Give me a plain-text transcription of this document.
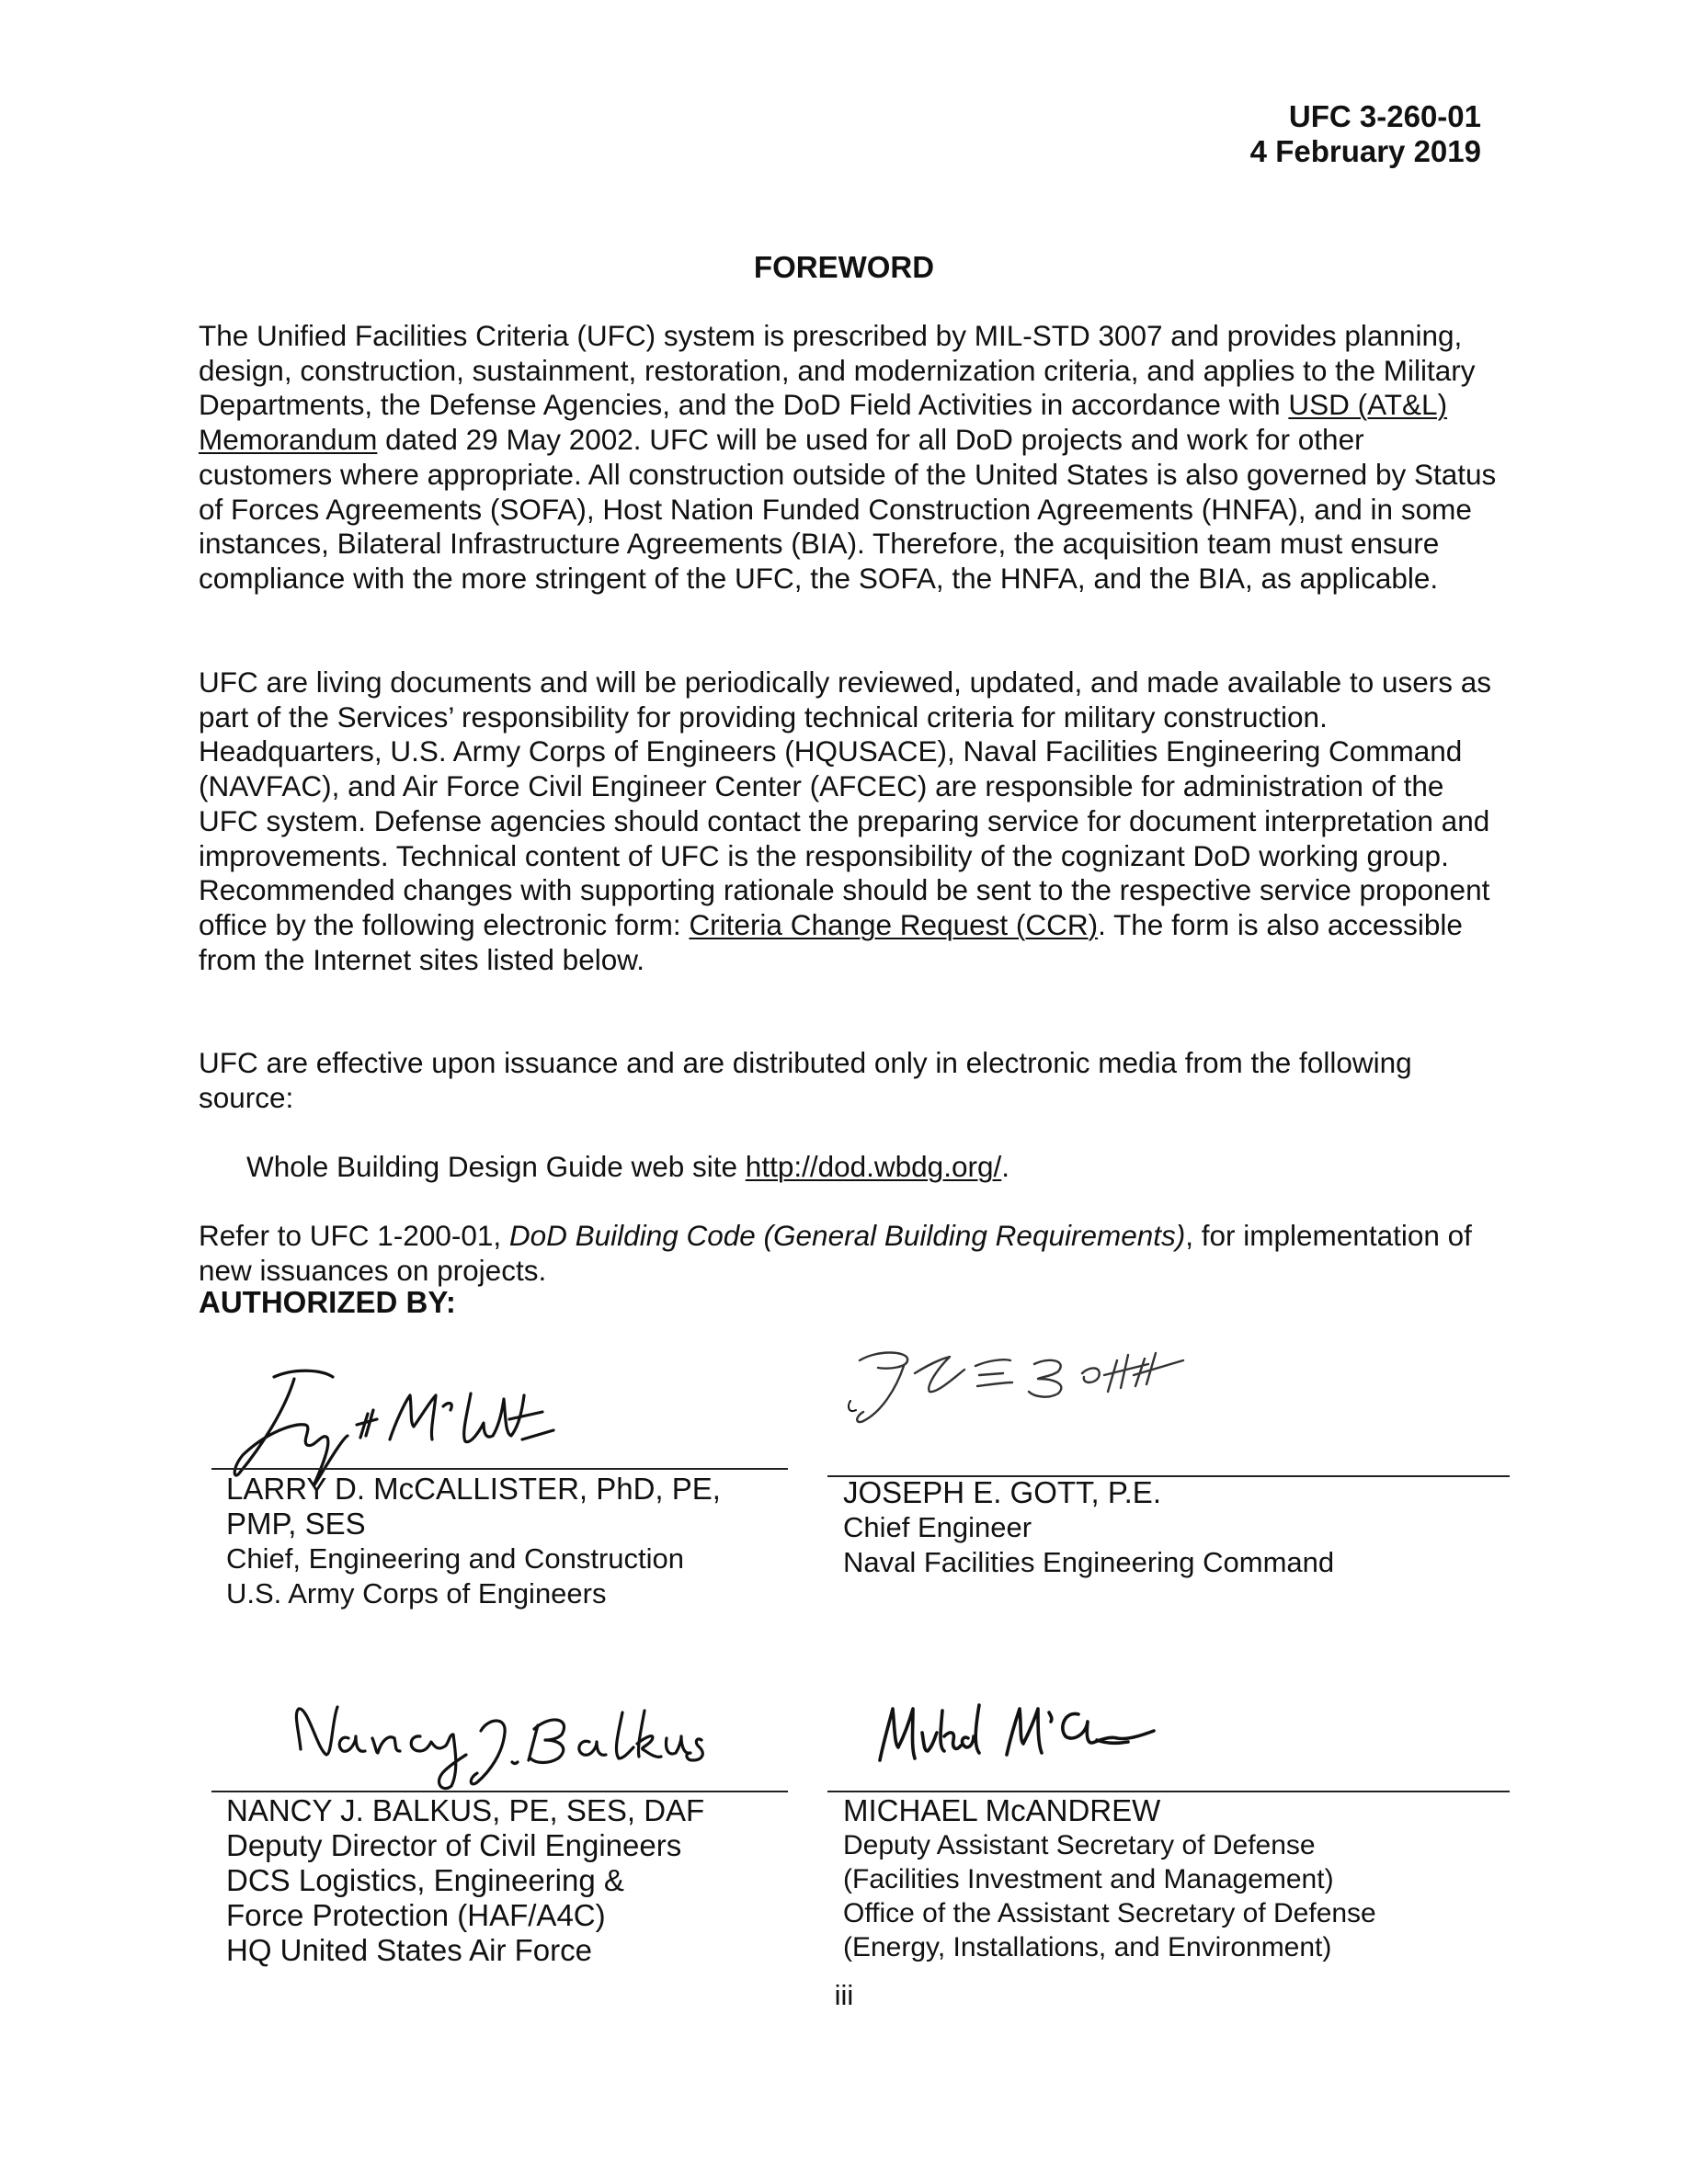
UFC 3-260-01
4 February 2019
FOREWORD

The Unified Facilities Criteria (UFC) system is prescribed by MIL-STD 3007 and provides planning, design, construction, sustainment, restoration, and modernization criteria, and applies to the Military Departments, the Defense Agencies, and the DoD Field Activities in accordance with USD (AT&L) Memorandum dated 29 May 2002. UFC will be used for all DoD projects and work for other customers where appropriate. All construction outside of the United States is also governed by Status of Forces Agreements (SOFA), Host Nation Funded Construction Agreements (HNFA), and in some instances, Bilateral Infrastructure Agreements (BIA). Therefore, the acquisition team must ensure compliance with the more stringent of the UFC, the SOFA, the HNFA, and the BIA, as applicable.

UFC are living documents and will be periodically reviewed, updated, and made available to users as part of the Services’ responsibility for providing technical criteria for military construction. Headquarters, U.S. Army Corps of Engineers (HQUSACE), Naval Facilities Engineering Command (NAVFAC), and Air Force Civil Engineer Center (AFCEC) are responsible for administration of the UFC system. Defense agencies should contact the preparing service for document interpretation and improvements. Technical content of UFC is the responsibility of the cognizant DoD working group. Recommended changes with supporting rationale should be sent to the respective service proponent office by the following electronic form: Criteria Change Request (CCR). The form is also accessible from the Internet sites listed below.

UFC are effective upon issuance and are distributed only in electronic media from the following source:

Whole Building Design Guide web site http://dod.wbdg.org/.

Refer to UFC 1-200-01, DoD Building Code (General Building Requirements), for implementation of new issuances on projects.

AUTHORIZED BY:
LARRY D. McCALLISTER, PhD, PE, PMP, SES
Chief, Engineering and Construction
U.S. Army Corps of Engineers
JOSEPH E. GOTT, P.E.
Chief Engineer
Naval Facilities Engineering Command
NANCY J. BALKUS, PE, SES, DAF
Deputy Director of Civil Engineers
DCS Logistics, Engineering &
Force Protection (HAF/A4C)
HQ United States Air Force
MICHAEL McANDREW
Deputy Assistant Secretary of Defense
(Facilities Investment and Management)
Office of the Assistant Secretary of Defense
(Energy, Installations, and Environment)
iii
